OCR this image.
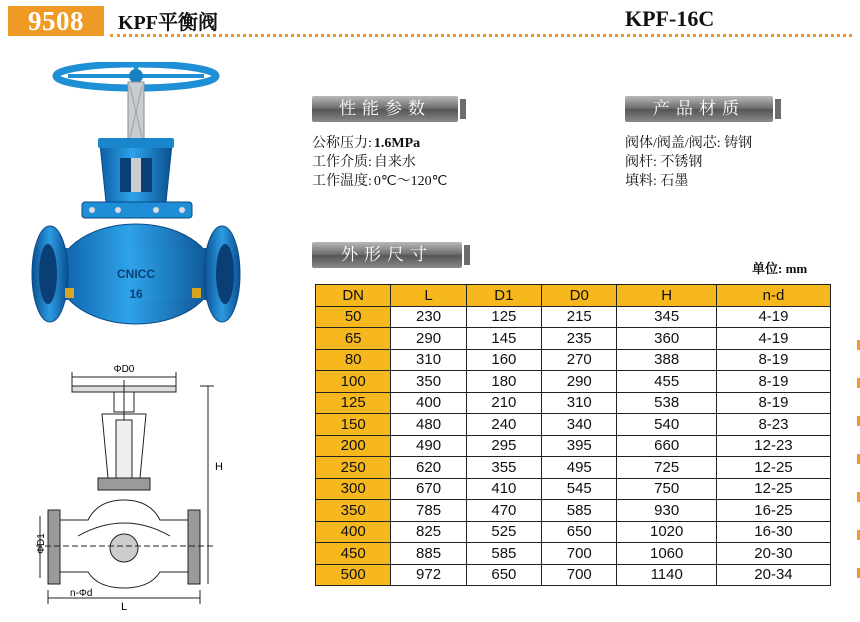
9508	KPF平衡阀	KPF-16C
CNICC
16
ΦD0
H
ΦD1
n-Φd
L
性能参数
公称压力: 1.6MPa
工作介质: 自来水
工作温度: 0℃～120℃
产品材质
阀体/阀盖/阀芯: 铸钢
阀杆: 不锈钢
填料: 石墨
外形尺寸
单位: mm
DN	L	D1	D0	H	n-d
50	230	125	215	345	4-19
65	290	145	235	360	4-19
80	310	160	270	388	8-19
100	350	180	290	455	8-19
125	400	210	310	538	8-19
150	480	240	340	540	8-23
200	490	295	395	660	12-23
250	620	355	495	725	12-25
300	670	410	545	750	12-25
350	785	470	585	930	16-25
400	825	525	650	1020	16-30
450	885	585	700	1060	20-30
500	972	650	700	1140	20-34
